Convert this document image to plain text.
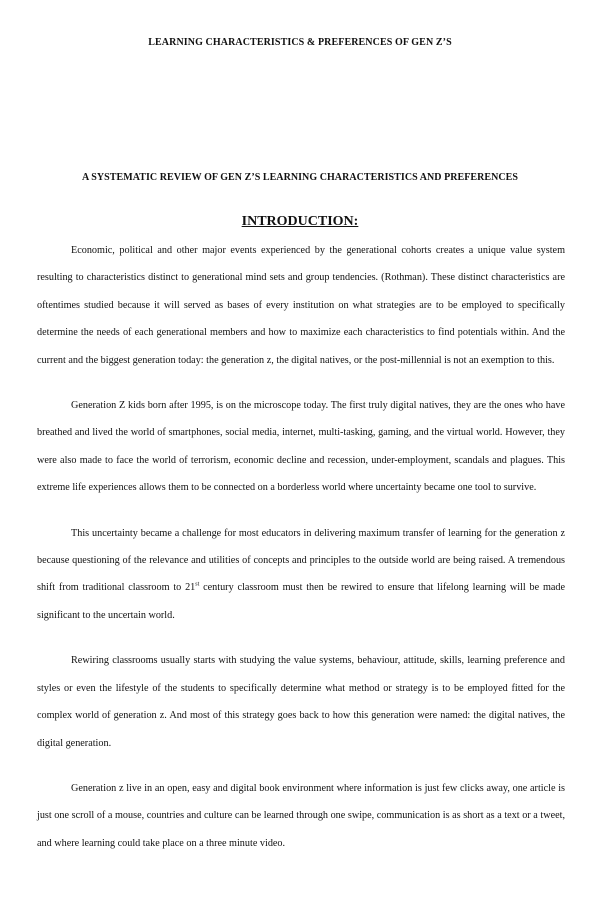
LEARNING CHARACTERISTICS & PREFERENCES OF GEN Z’S
A SYSTEMATIC REVIEW OF GEN Z’S LEARNING CHARACTERISTICS AND PREFERENCES
INTRODUCTION:

Economic, political and other major events experienced by the generational cohorts creates a unique value system resulting to characteristics distinct to generational mind sets and group tendencies. (Rothman). These distinct characteristics are oftentimes studied because it will served as bases of every institution on what strategies are to be employed to specifically determine the needs of each generational members and how to maximize each characteristics to find potentials within. And the current and the biggest generation today: the generation z, the digital natives, or the post-millennial is not an exemption to this.

Generation Z kids born after 1995, is on the microscope today. The first truly digital natives, they are the ones who have breathed and lived the world of smartphones, social media, internet, multi-tasking, gaming, and the virtual world. However, they were also made to face the world of terrorism, economic decline and recession, under-employment, scandals and plagues. This extreme life experiences allows them to be connected on a borderless world where uncertainty became one tool to survive.

This uncertainty became a challenge for most educators in delivering maximum transfer of learning for the generation z because questioning of the relevance and utilities of concepts and principles to the outside world are being raised. A tremendous shift from traditional classroom to 21st century classroom must then be rewired to ensure that lifelong learning will be made significant to the uncertain world.

Rewiring classrooms usually starts with studying the value systems, behaviour, attitude, skills, learning preference and styles or even the lifestyle of the students to specifically determine what method or strategy is to be employed fitted for the complex world of generation z. And most of this strategy goes back to how this generation were named: the digital natives, the digital generation.

Generation z live in an open, easy and digital book environment where information is just few clicks away, one article is just one scroll of a mouse, countries and culture can be learned through one swipe, communication is as short as a text or a tweet, and where learning could take place on a three minute video.
